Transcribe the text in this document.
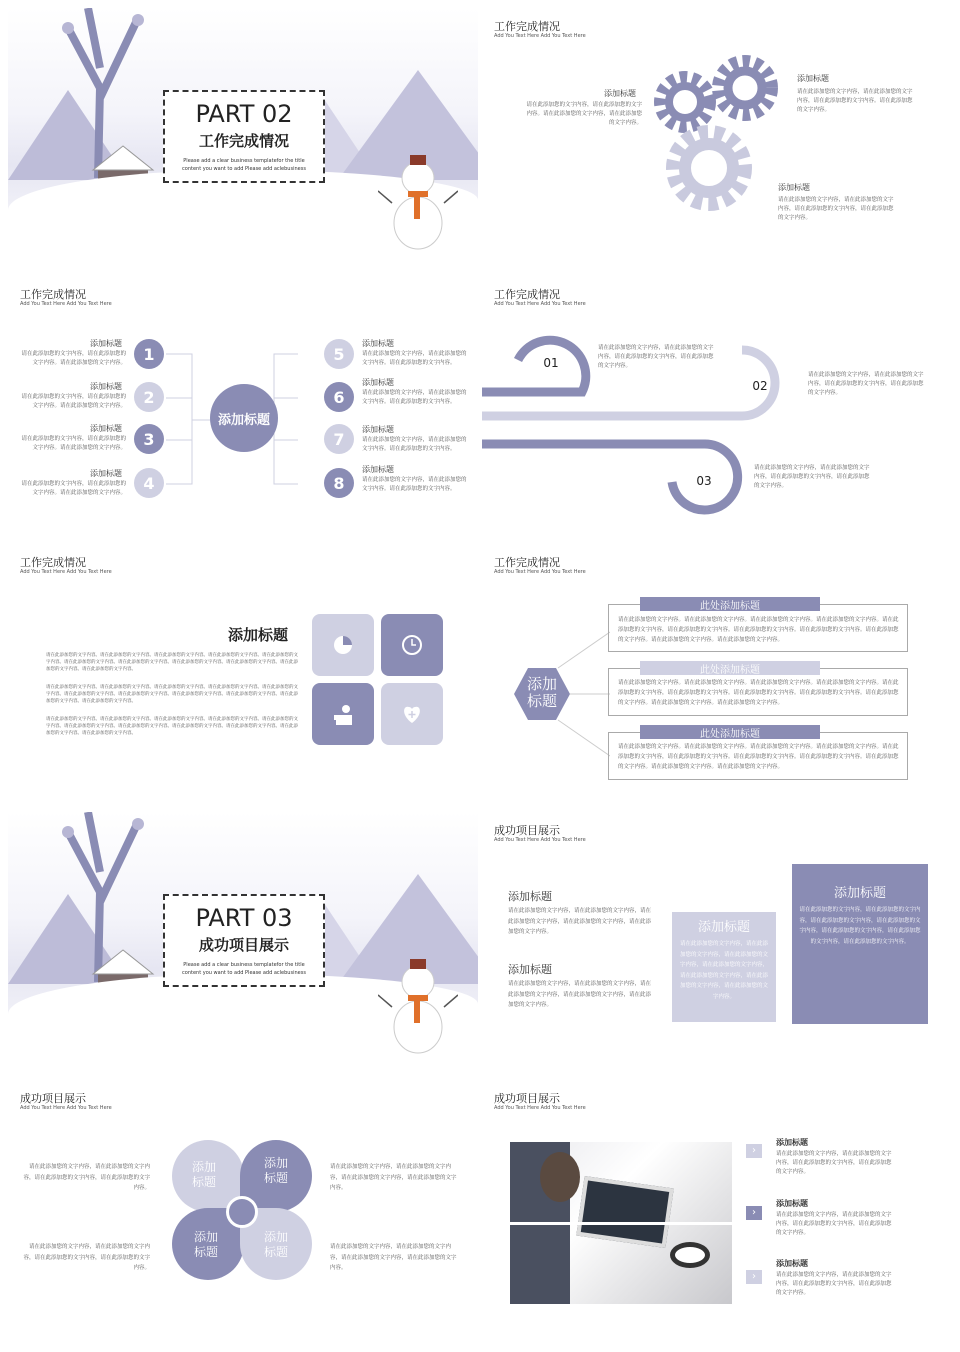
PART 02
工作完成情况
Please add a clear business templatefor the title
content you want to add Please add aclebusiness
工作完成情况
Add You Text Here Add You Text Here
添加标题
请在此添加您的文字内容，请在此添加您的文字内容。请在此添加您的文字内容，请在此添加您的文字内容。
添加标题
请在此添加您的文字内容，请在此添加您的文字内容，请在此添加您的文字内容。请在此添加您的文字内容。
添加标题
请在此添加您的文字内容，请在此添加您的文字内容，请在此添加您的文字内容，请在此添加您的文字内容。
工作完成情况
Add You Text Here Add You Text Here
添加标题
1
2
3
4
5
6
7
8
添加标题
请在此添加您的文字内容，请在此添加您的文字内容。请在此添加您的文字内容。
添加标题
请在此添加您的文字内容，请在此添加您的文字内容。请在此添加您的文字内容。
添加标题
请在此添加您的文字内容，请在此添加您的文字内容。请在此添加您的文字内容。
添加标题
请在此添加您的文字内容，请在此添加您的文字内容。请在此添加您的文字内容。
添加标题
请在此添加您的文字内容，请在此添加您的文字内容。请在此添加您的文字内容。
添加标题
请在此添加您的文字内容，请在此添加您的文字内容。请在此添加您的文字内容。
添加标题
请在此添加您的文字内容，请在此添加您的文字内容。请在此添加您的文字内容。
添加标题
请在此添加您的文字内容，请在此添加您的文字内容。请在此添加您的文字内容。
工作完成情况
Add You Text Here Add You Text Here
01
02
03
请在此添加您的文字内容，请在此添加您的文字内容，请在此添加您的文字内容，请在此添加您的文字内容。
请在此添加您的文字内容，请在此添加您的文字内容，请在此添加您的文字内容，请在此添加您的文字内容。
请在此添加您的文字内容，请在此添加您的文字内容，请在此添加您的文字内容，请在此添加您的文字内容。
工作完成情况
Add You Text Here Add You Text Here
添加标题
请在此添加您的文字内容。请在此添加您的文字内容。请在此添加您的文字内容。请在此添加您的文字内容。请在此添加您的文字内容。请在此添加您的文字内容。请在此添加您的文字内容。请在此添加您的文字内容。请在此添加您的文字内容。请在此添加您的文字内容。请在此添加您的文字内容。
请在此添加您的文字内容。请在此添加您的文字内容。请在此添加您的文字内容。请在此添加您的文字内容。请在此添加您的文字内容。请在此添加您的文字内容。请在此添加您的文字内容。请在此添加您的文字内容。请在此添加您的文字内容。请在此添加您的文字内容。请在此添加您的文字内容。
请在此添加您的文字内容。请在此添加您的文字内容。请在此添加您的文字内容。请在此添加您的文字内容。请在此添加您的文字内容。请在此添加您的文字内容。请在此添加您的文字内容。请在此添加您的文字内容。请在此添加您的文字内容。请在此添加您的文字内容。请在此添加您的文字内容。
工作完成情况
Add You Text Here Add You Text Here
添加
标题
此处添加标题
此处添加标题
此处添加标题
请在此添加您的文字内容。请在此添加您的文字内容。请在此添加您的文字内容。请在此添加您的文字内容。请在此添加您的文字内容，请在此添加您的文字内容。请在此添加您的文字内容。请在此添加您的文字内容。请在此添加您的文字内容。请在此添加您的文字内容。请在此添加您的文字内容。
请在此添加您的文字内容。请在此添加您的文字内容。请在此添加您的文字内容。请在此添加您的文字内容。请在此添加您的文字内容，请在此添加您的文字内容。请在此添加您的文字内容。请在此添加您的文字内容。请在此添加您的文字内容。请在此添加您的文字内容。请在此添加您的文字内容。
请在此添加您的文字内容。请在此添加您的文字内容。请在此添加您的文字内容。请在此添加您的文字内容。请在此添加您的文字内容，请在此添加您的文字内容。请在此添加您的文字内容。请在此添加您的文字内容。请在此添加您的文字内容。请在此添加您的文字内容。请在此添加您的文字内容。
PART 03
成功项目展示
Please add a clear business templatefor the title
content you want to add Please add aclebusiness
成功项目展示
Add You Text Here Add You Text Here
添加标题
请在此添加您的文字内容，请在此添加您的文字内容，请在此添加您的文字内容，请在此添加您的文字内容，请在此添加您的文字内容。
添加标题
请在此添加您的文字内容，请在此添加您的文字内容，请在此添加您的文字内容，请在此添加您的文字内容，请在此添加您的文字内容。
添加标题
请在此添加您的文字内容，请在此添加您的文字内容，请在此添加您的文字内容，请在此添加您的文字内容，请在此添加您的文字内容，请在此添加您的文字内容，请在此添加您的文字内容。
添加标题
请在此添加您的文字内容，请在此添加您的文字内容，请在此添加您的文字内容，请在此添加您的文字内容，请在此添加您的文字内容，请在此添加您的文字内容，请在此添加您的文字内容。
成功项目展示
Add You Text Here Add You Text Here
添加
标题
添加
标题
添加
标题
添加
标题
请在此添加您的文字内容，请在此添加您的文字内容，请在此添加您的文字内容，请在此添加您的文字内容。
请在此添加您的文字内容，请在此添加您的文字内容，请在此添加您的文字内容，请在此添加您的文字内容。
请在此添加您的文字内容，请在此添加您的文字内容，请在此添加您的文字内容，请在此添加您的文字内容。
请在此添加您的文字内容，请在此添加您的文字内容，请在此添加您的文字内容，请在此添加您的文字内容。
成功项目展示
Add You Text Here Add You Text Here
›
›
›
添加标题
请在此添加您的文字内容，请在此添加您的文字内容，请在此添加您的文字内容，请在此添加您的文字内容。
添加标题
请在此添加您的文字内容，请在此添加您的文字内容，请在此添加您的文字内容，请在此添加您的文字内容。
添加标题
请在此添加您的文字内容，请在此添加您的文字内容，请在此添加您的文字内容，请在此添加您的文字内容。
